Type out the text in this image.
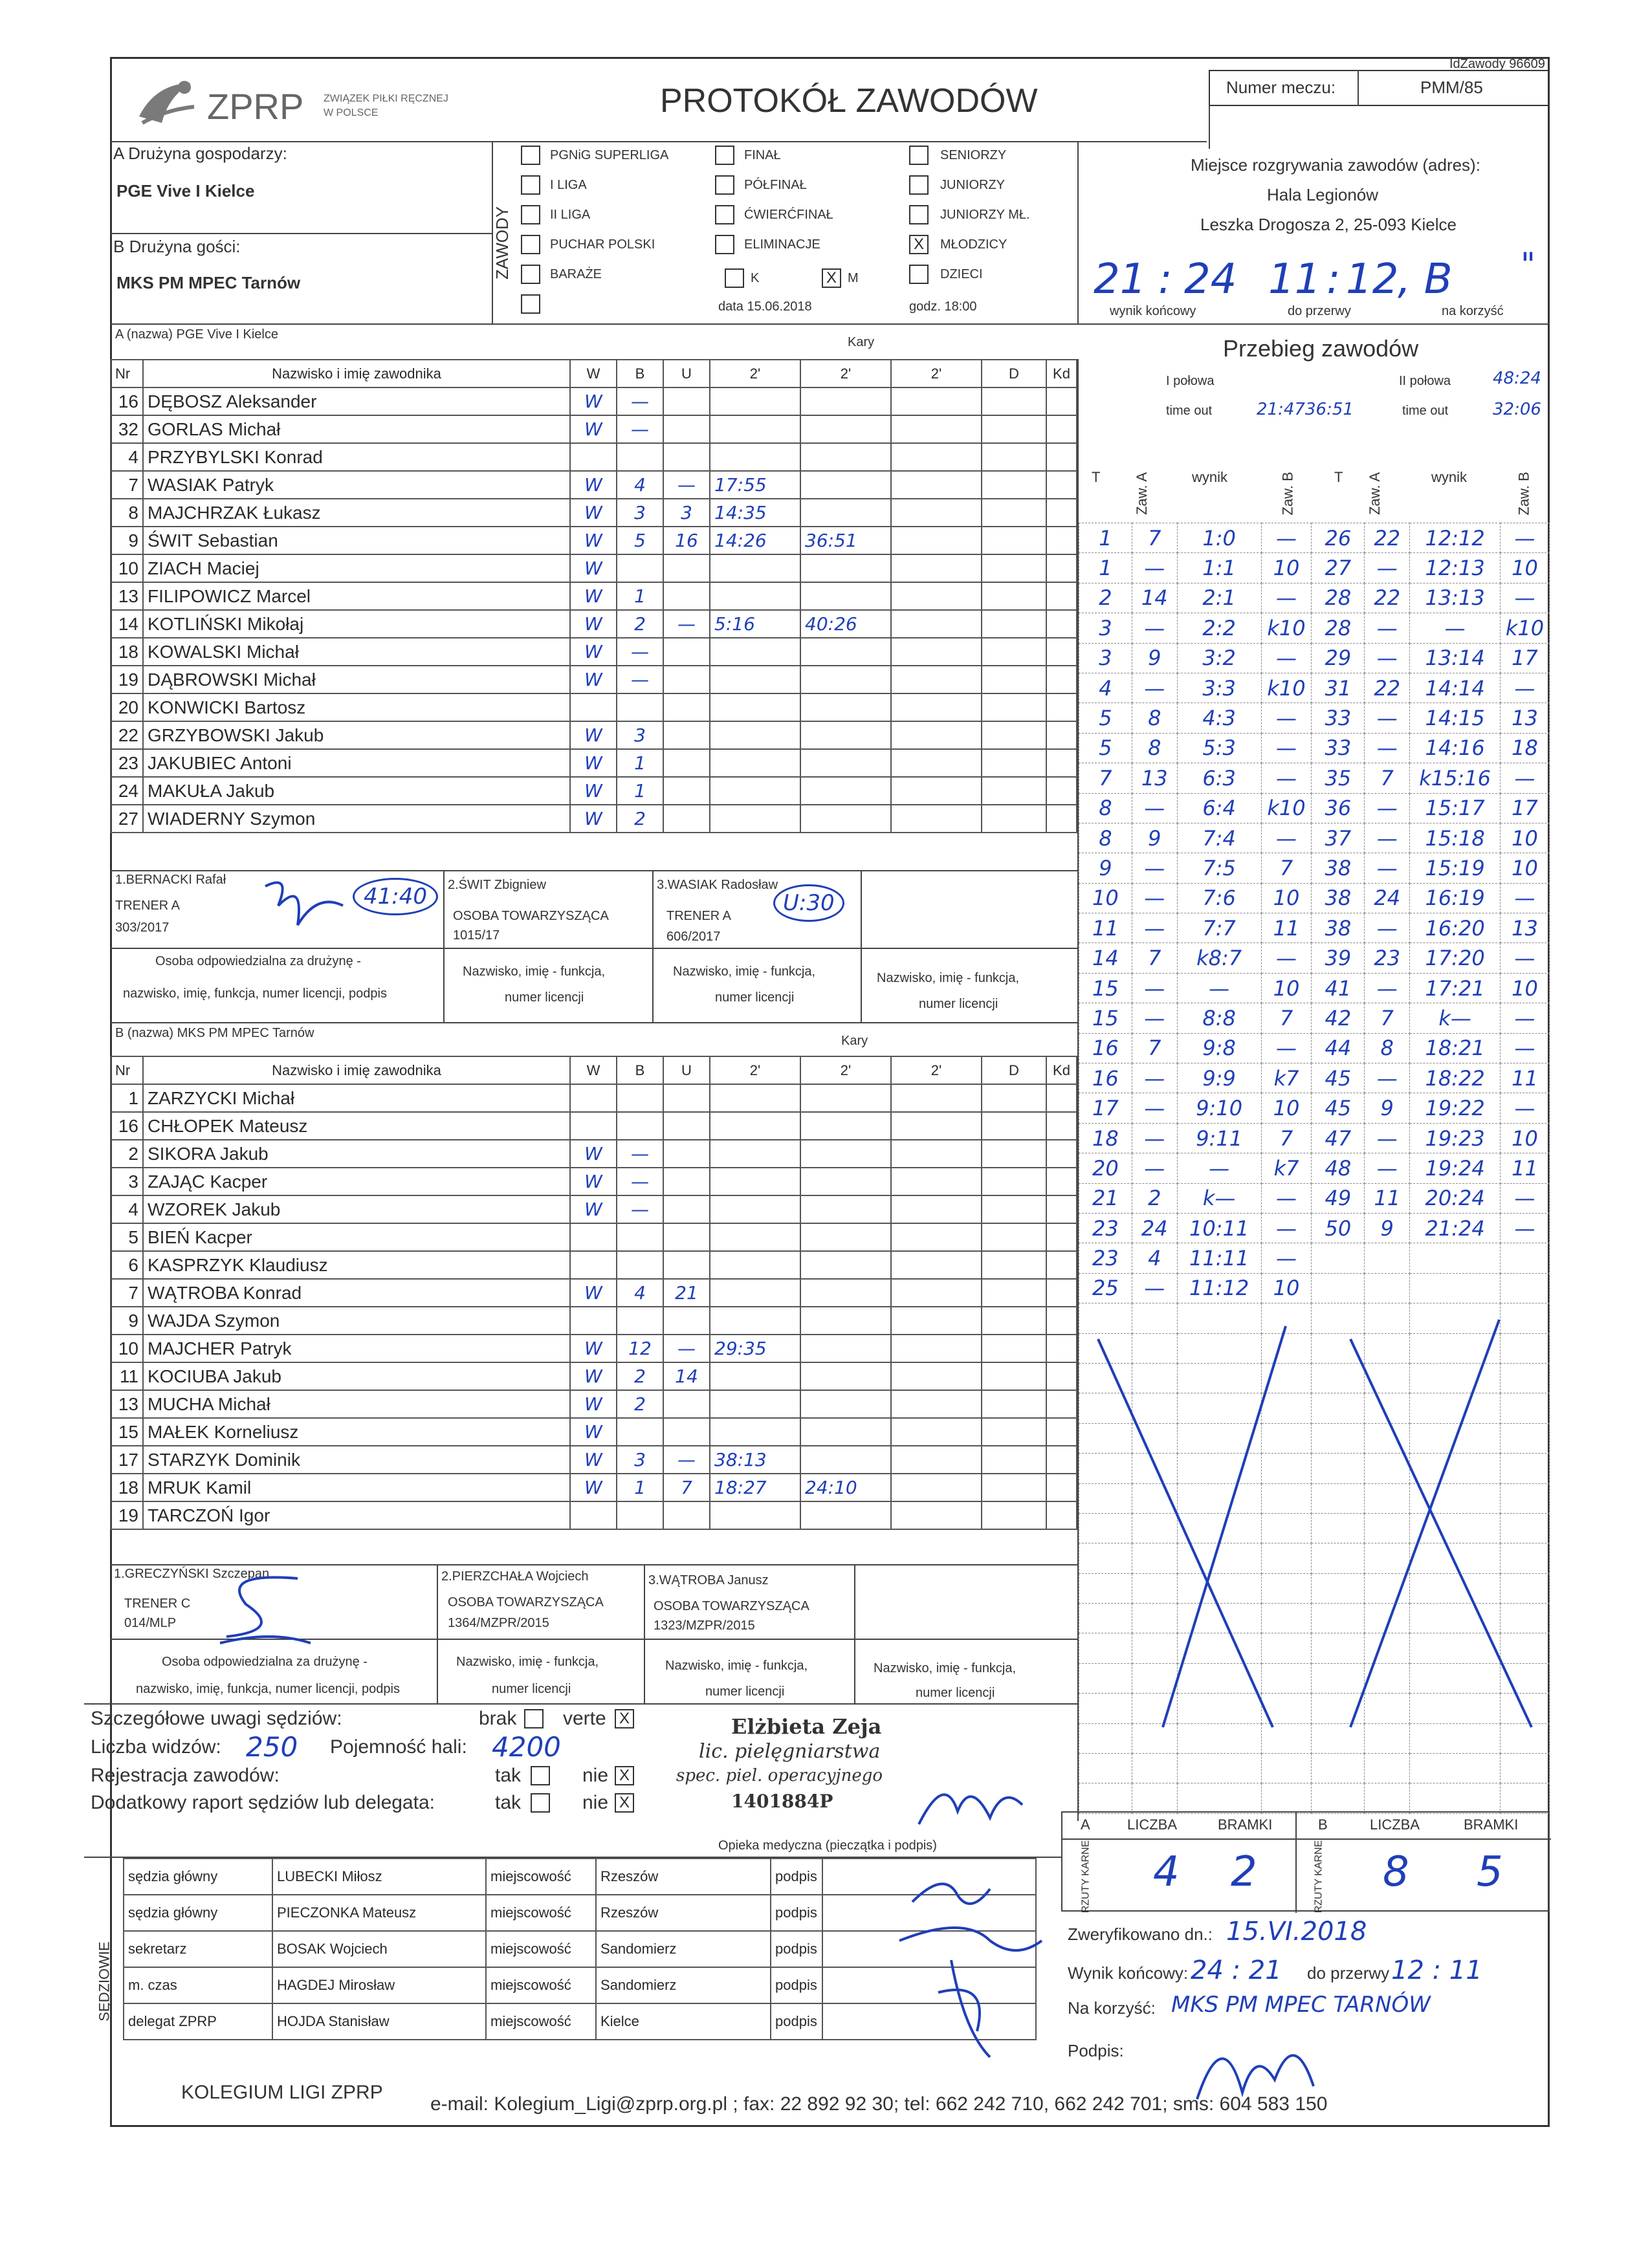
IdZawody 96609
ZPRP ZWIĄZEK PIŁKI RĘCZNEJ
W POLSCE	PROTOKÓŁ ZAWODÓW	Numer meczu:	PMM/85
A Drużyna gospodarzy:
PGE Vive I Kielce
B Drużyna gości:
MKS PM MPEC Tarnów
ZAWODY
PGNiG SUPERLIGA
I LIGA
II LIGA
PUCHAR POLSKI
BARAŻE
FINAŁ
PÓŁFINAŁ
ĆWIERĆFINAŁ
ELIMINACJE
K	X M
data 15.06.2018
SENIORZY
JUNIORZY
JUNIORZY MŁ.
X	MŁODZICY
DZIECI
godz. 18:00
Miejsce rozgrywania zawodów (adres):
Hala Legionów
Leszka Drogosza 2, 25-093 Kielce
21 : 24 11 : 12
, B "
wynik końcowy	do przerwy	na korzyść
A (nazwa) PGE Vive I Kielce
Kary	Przebieg zawodów
Nr	Nazwisko i imię zawodnika	W	B	U	2'	2'	2'	D	Kd
16	DĘBOSZ Aleksander	W	—						
32	GORLAS Michał	W	—						
4	PRZYBYLSKI Konrad								
7	WASIAK Patryk	W	4	—	17:55				
8	MAJCHRZAK Łukasz	W	3	3	14:35				
9	ŚWIT Sebastian	W	5	16	14:26	36:51			
10	ZIACH Maciej	W							
13	FILIPOWICZ Marcel	W	1						
14	KOTLIŃSKI Mikołaj	W	2	—	5:16	40:26			
18	KOWALSKI Michał	W	—						
19	DĄBROWSKI Michał	W	—						
20	KONWICKI Bartosz								
22	GRZYBOWSKI Jakub	W	3						
23	JAKUBIEC Antoni	W	1						
24	MAKUŁA Jakub	W	1						
27	WIADERNY Szymon	W	2						
1.BERNACKI Rafał
TRENER A
303/2017
41:40	2.ŚWIT Zbigniew
OSOBA TOWARZYSZĄCA
1015/17
3.WASIAK Radosław
TRENER A
606/2017
U:30
Osoba odpowiedzialna za drużynę -
nazwisko, imię, funkcja, numer licencji, podpis
Nazwisko, imię - funkcja,
numer licencji
Nazwisko, imię - funkcja,
numer licencji
Nazwisko, imię - funkcja,
numer licencji
B (nazwa) MKS PM MPEC Tarnów
Kary
Nr	Nazwisko i imię zawodnika	W	B	U	2'	2'	2'	D	Kd
1	ZARZYCKI Michał								
16	CHŁOPEK Mateusz								
2	SIKORA Jakub	W	—						
3	ZAJĄC Kacper	W	—						
4	WZOREK Jakub	W	—						
5	BIEŃ Kacper								
6	KASPRZYK Klaudiusz								
7	WĄTROBA Konrad	W	4	21					
9	WAJDA Szymon								
10	MAJCHER Patryk	W	12	—	29:35				
11	KOCIUBA Jakub	W	2	14					
13	MUCHA Michał	W	2						
15	MAŁEK Korneliusz	W							
17	STARZYK Dominik	W	3	—	38:13				
18	MRUK Kamil	W	1	7	18:27	24:10			
19	TARCZOŃ Igor								
1.GRECZYŃSKI Szczepan
TRENER C
014/MLP
2.PIERZCHAŁA Wojciech
OSOBA TOWARZYSZĄCA
1364/MZPR/2015
3.WĄTROBA Janusz
OSOBA TOWARZYSZĄCA
1323/MZPR/2015
Osoba odpowiedzialna za drużynę -
nazwisko, imię, funkcja, numer licencji, podpis
Nazwisko, imię - funkcja,
numer licencji
Nazwisko, imię - funkcja,
numer licencji
Nazwisko, imię - funkcja,
numer licencji
I połowa	II połowa
time out	time out
21:47 36:51
48:24
32:06
T Zaw. A	wynik	Zaw. B	T Zaw. A	wynik	Zaw. B
1	7	1:0	—	26	22	12:12	—
1	—	1:1	10	27	—	12:13	10
2	14	2:1	—	28	22	13:13	—
3	—	2:2	k10	28	—	—	k10
3	9	3:2	—	29	—	13:14	17
4	—	3:3	k10	31	22	14:14	—
5	8	4:3	—	33	—	14:15	13
5	8	5:3	—	33	—	14:16	18
7	13	6:3	—	35	7	k15:16	—
8	—	6:4	k10	36	—	15:17	17
8	9	7:4	—	37	—	15:18	10
9	—	7:5	7	38	—	15:19	10
10	—	7:6	10	38	24	16:19	—
11	—	7:7	11	38	—	16:20	13
14	7	k8:7	—	39	23	17:20	—
15	—	—	10	41	—	17:21	10
15	—	8:8	7	42	7	k—	—
16	7	9:8	—	44	8	18:21	—
16	—	9:9	k7	45	—	18:22	11
17	—	9:10	10	45	9	19:22	—
18	—	9:11	7	47	—	19:23	10
20	—	—	k7	48	—	19:24	11
21	2	k—	—	49	11	20:24	—
23	24	10:11	—	50	9	21:24	—
23	4	11:11	—				
25	—	11:12	10				

Szczegółowe uwagi sędziów:	brak verte X
Liczba widzów: 250 Pojemność hali: 4200
Rejestracja zawodów:	tak	nie X
Dodatkowy raport sędziów lub delegata:	tak	nie X
Elżbieta Zeja
lic. pielęgniarstwa
spec. piel. operacyjnego
1401884P
Opieka medyczna (pieczątka i podpis)
A	LICZBA	BRAMKI	B	LICZBA	BRAMKI
RZUTY KARNE	RZUTY KARNE
4 2	8 5
SĘDZIOWIE
sędzia główny	LUBECKI Miłosz	miejscowość	Rzeszów	podpis	
sędzia główny	PIECZONKA Mateusz	miejscowość	Rzeszów	podpis	
sekretarz	BOSAK Wojciech	miejscowość	Sandomierz	podpis	
m. czas	HAGDEJ Mirosław	miejscowość	Sandomierz	podpis	
delegat ZPRP	HOJDA Stanisław	miejscowość	Kielce	podpis	
Zweryfikowano dn.: 15.VI.2018
Wynik końcowy: 24 : 21 do przerwy 12 : 11
Na korzyść: MKS PM MPEC TARNÓW
Podpis:
KOLEGIUM LIGI ZPRP
e-mail: Kolegium_Ligi@zprp.org.pl ; fax: 22 892 92 30; tel: 662 242 710, 662 242 701; sms: 604 583 150
